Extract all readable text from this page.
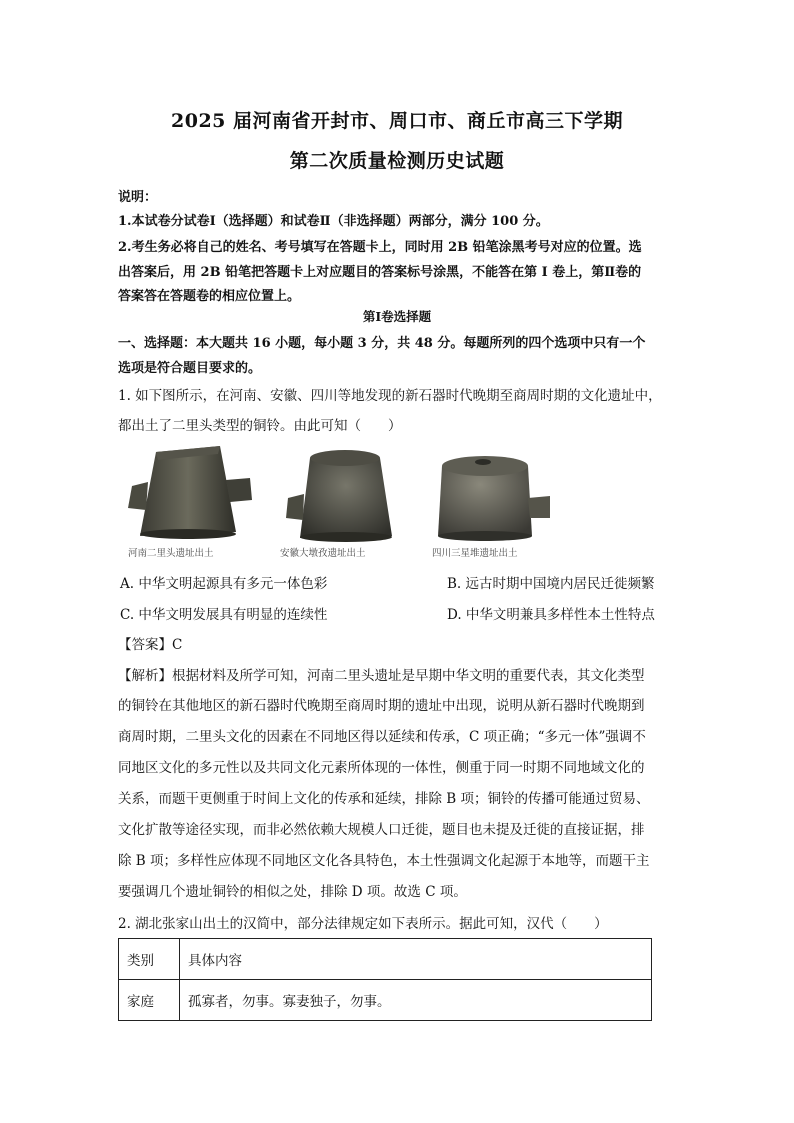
2025 届河南省开封市、周口市、商丘市高三下学期
第二次质量检测历史试题
说明：
1.本试卷分试卷Ⅰ（选择题）和试卷Ⅱ（非选择题）两部分，满分 100 分。
2.考生务必将自己的姓名、考号填写在答题卡上，同时用 2B 铅笔涂黑考号对应的位置。选
出答案后，用 2B 铅笔把答题卡上对应题目的答案标号涂黑，不能答在第 Ⅰ 卷上，第Ⅱ卷的
答案答在答题卷的相应位置上。
第Ⅰ卷选择题
一、选择题：本大题共 16 小题，每小题 3 分，共 48 分。每题所列的四个选项中只有一个
选项是符合题目要求的。
1. 如下图所示，在河南、安徽、四川等地发现的新石器时代晚期至商周时期的文化遗址中，
都出土了二里头类型的铜铃。由此可知（　　）
河南二里头遗址出土	安徽大墩孜遗址出土	四川三星堆遗址出土
A. 中华文明起源具有多元一体色彩	B. 远古时期中国境内居民迁徙频繁
C. 中华文明发展具有明显的连续性	D. 中华文明兼具多样性本土性特点
【答案】C
【解析】根据材料及所学可知，河南二里头遗址是早期中华文明的重要代表，其文化类型
的铜铃在其他地区的新石器时代晚期至商周时期的遗址中出现，说明从新石器时代晚期到
商周时期，二里头文化的因素在不同地区得以延续和传承，C 项正确；“多元一体”强调不
同地区文化的多元性以及共同文化元素所体现的一体性，侧重于同一时期不同地域文化的
关系，而题干更侧重于时间上文化的传承和延续，排除 B 项；铜铃的传播可能通过贸易、
文化扩散等途径实现，而非必然依赖大规模人口迁徙，题目也未提及迁徙的直接证据，排
除 B 项；多样性应体现不同地区文化各具特色，本土性强调文化起源于本地等，而题干主
要强调几个遗址铜铃的相似之处，排除 D 项。故选 C 项。
2. 湖北张家山出土的汉简中，部分法律规定如下表所示。据此可知，汉代（　　）
类别	具体内容
家庭	孤寡者，勿事。寡妻独子，勿事。
